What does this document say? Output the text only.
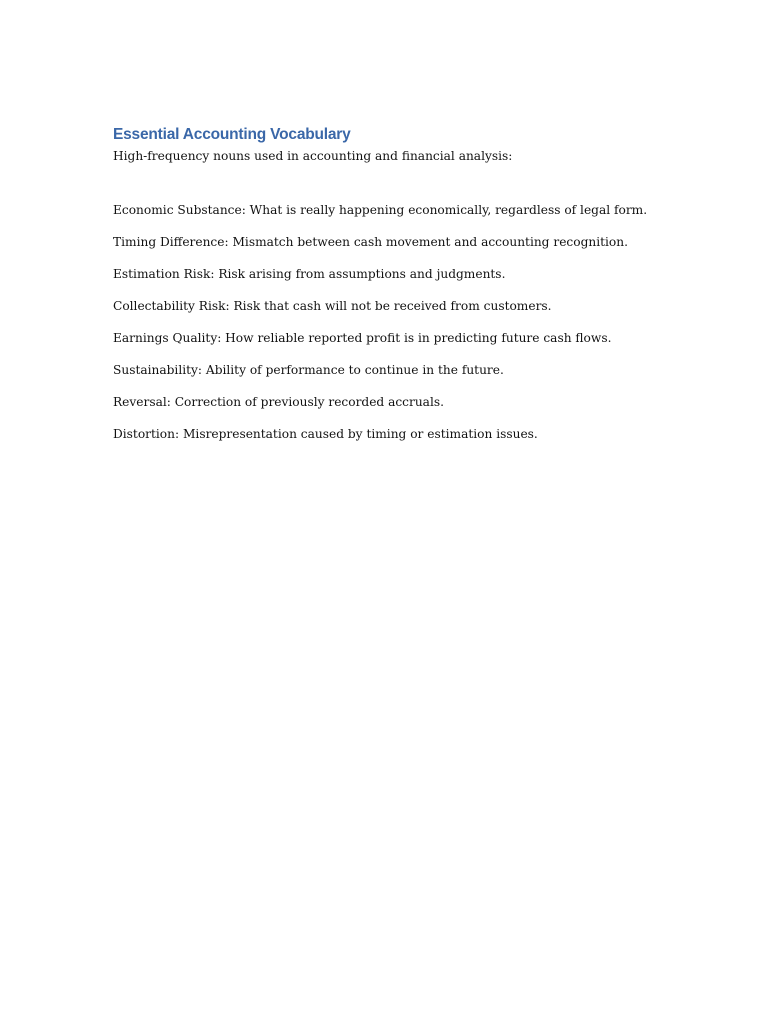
Essential Accounting Vocabulary

High-frequency nouns used in accounting and financial analysis:

Economic Substance: What is really happening economically, regardless of legal form.
Timing Difference: Mismatch between cash movement and accounting recognition.
Estimation Risk: Risk arising from assumptions and judgments.
Collectability Risk: Risk that cash will not be received from customers.
Earnings Quality: How reliable reported profit is in predicting future cash flows.
Sustainability: Ability of performance to continue in the future.
Reversal: Correction of previously recorded accruals.
Distortion: Misrepresentation caused by timing or estimation issues.
